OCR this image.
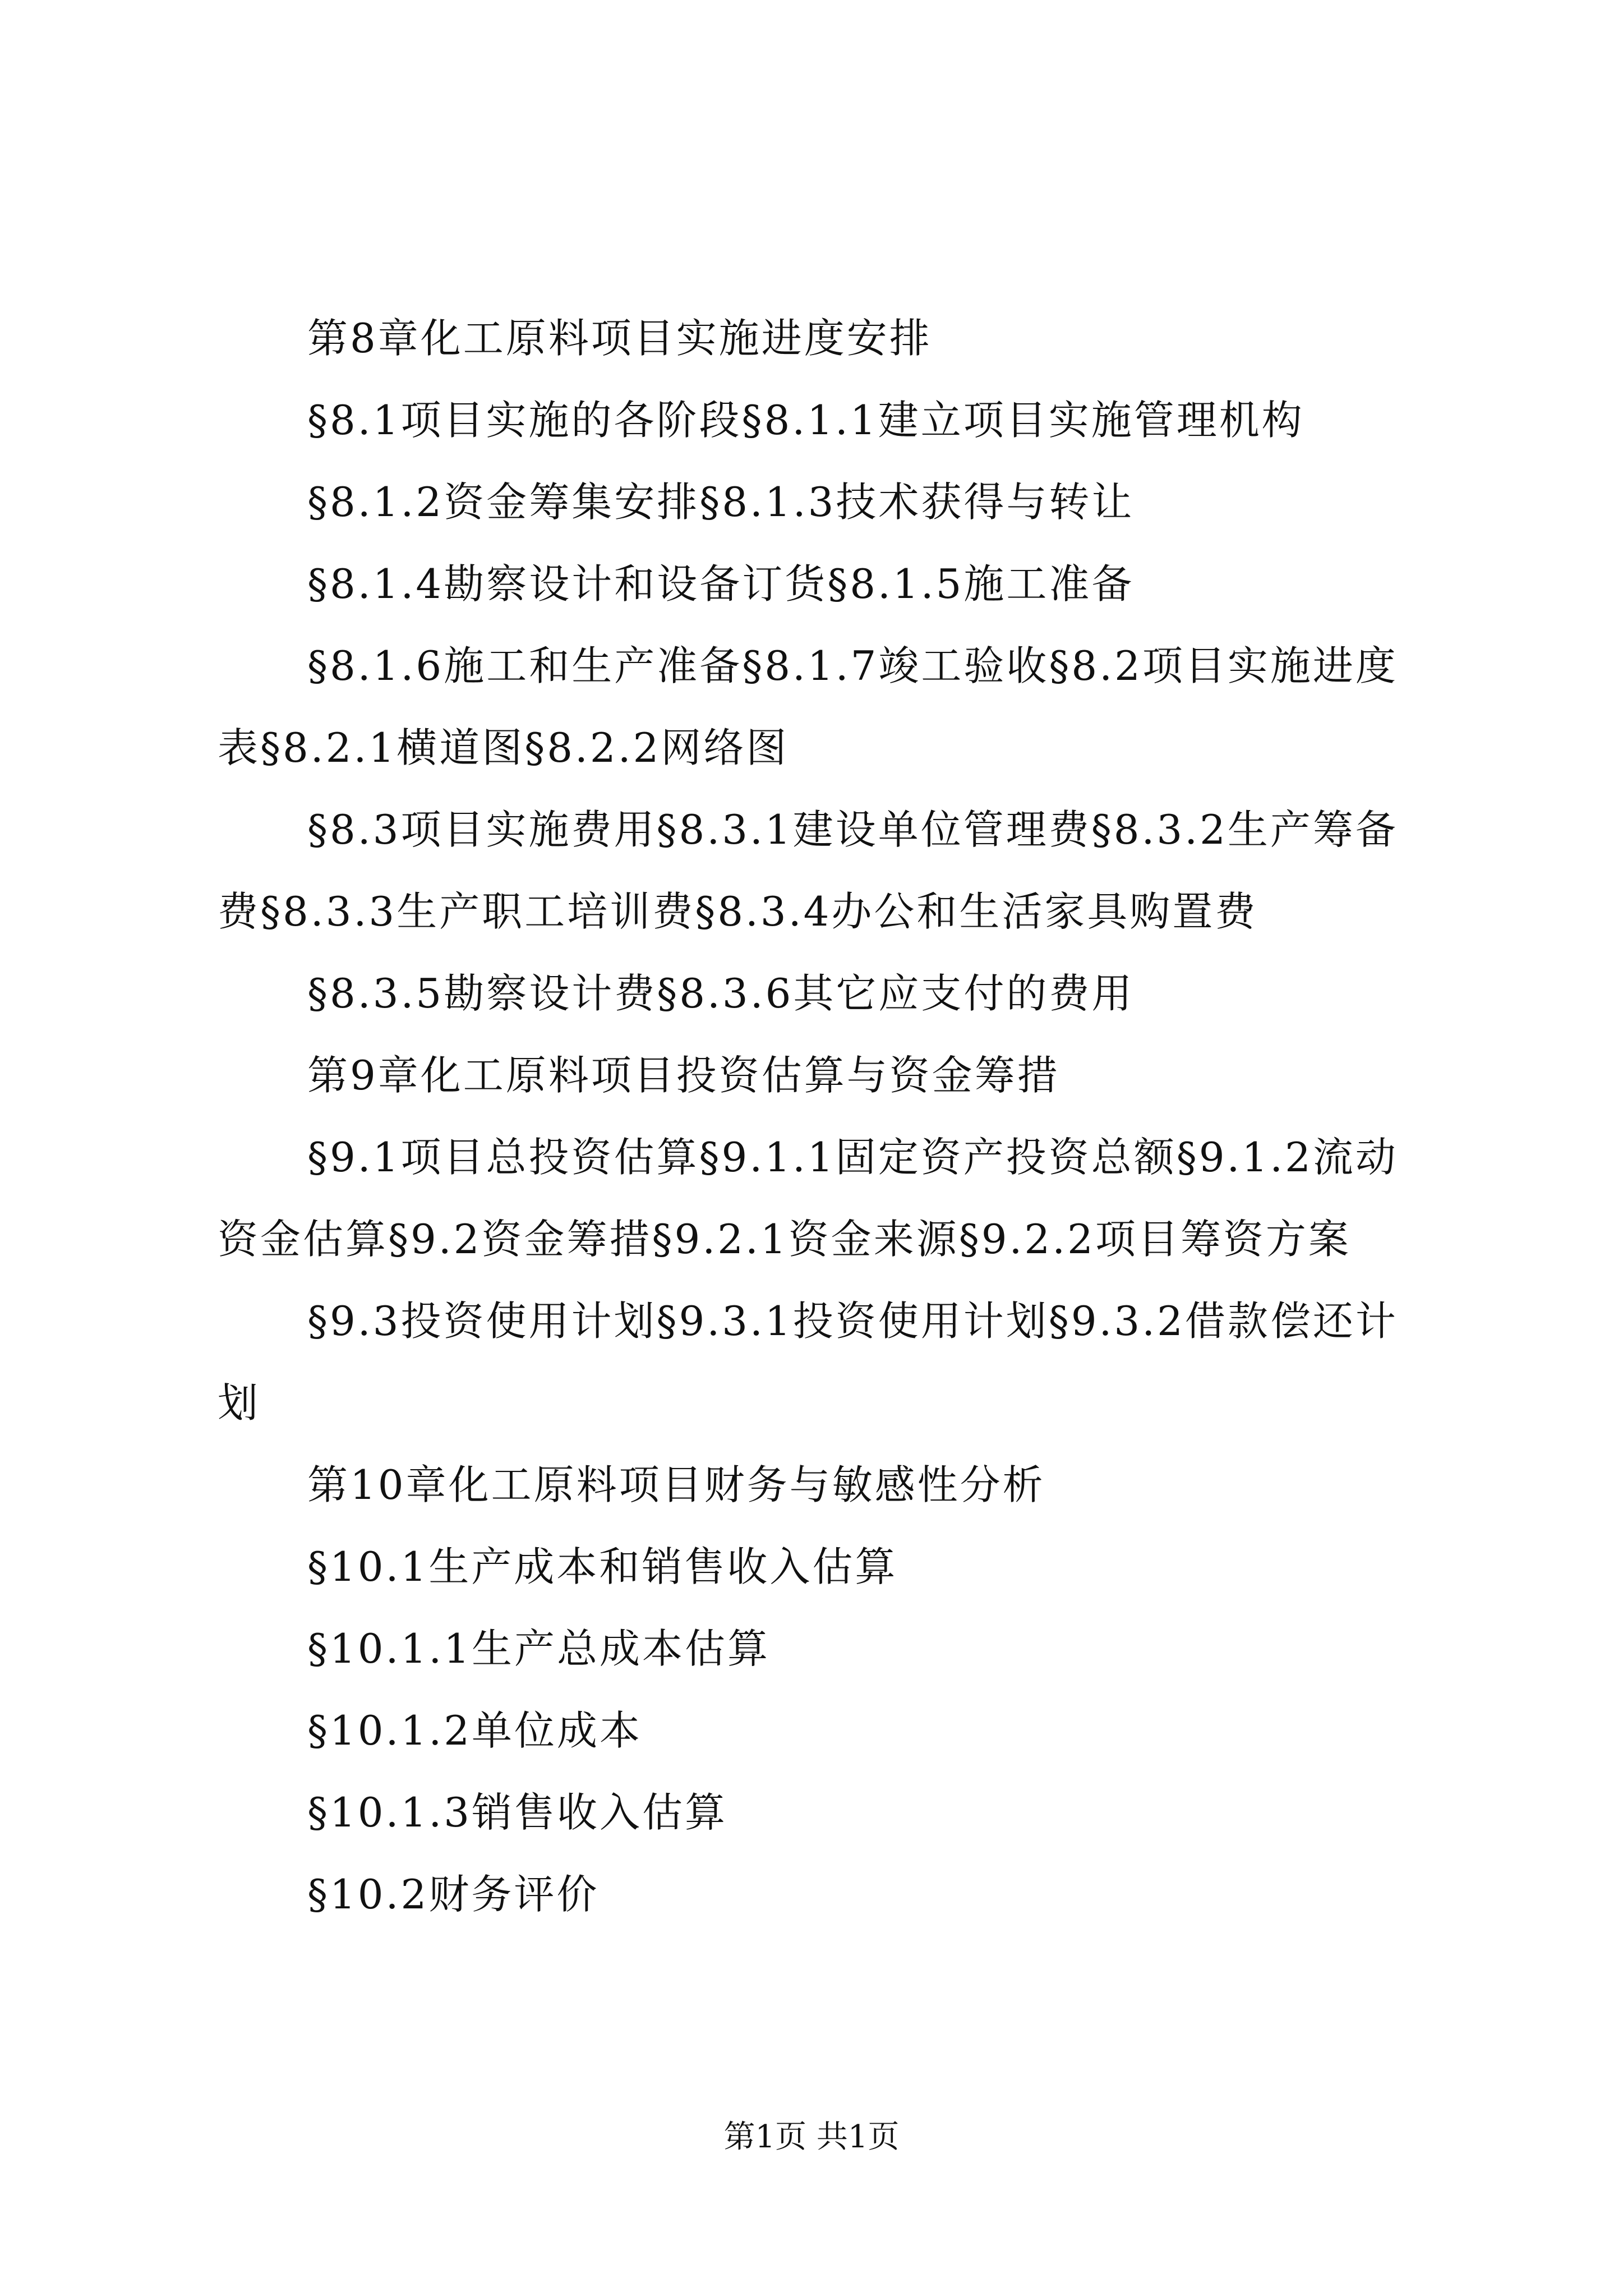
第8章化工原料项目实施进度安排

§8.1项目实施的各阶段§8.1.1建立项目实施管理机构

§8.1.2资金筹集安排§8.1.3技术获得与转让

§8.1.4勘察设计和设备订货§8.1.5施工准备

§8.1.6施工和生产准备§8.1.7竣工验收§8.2项目实施进度表§8.2.1横道图§8.2.2网络图

§8.3项目实施费用§8.3.1建设单位管理费§8.3.2生产筹备费§8.3.3生产职工培训费§8.3.4办公和生活家具购置费

§8.3.5勘察设计费§8.3.6其它应支付的费用

第9章化工原料项目投资估算与资金筹措

§9.1项目总投资估算§9.1.1固定资产投资总额§9.1.2流动资金估算§9.2资金筹措§9.2.1资金来源§9.2.2项目筹资方案

§9.3投资使用计划§9.3.1投资使用计划§9.3.2借款偿还计划

第10章化工原料项目财务与敏感性分析

§10.1生产成本和销售收入估算

§10.1.1生产总成本估算

§10.1.2单位成本

§10.1.3销售收入估算

§10.2财务评价

第1页 共1页
